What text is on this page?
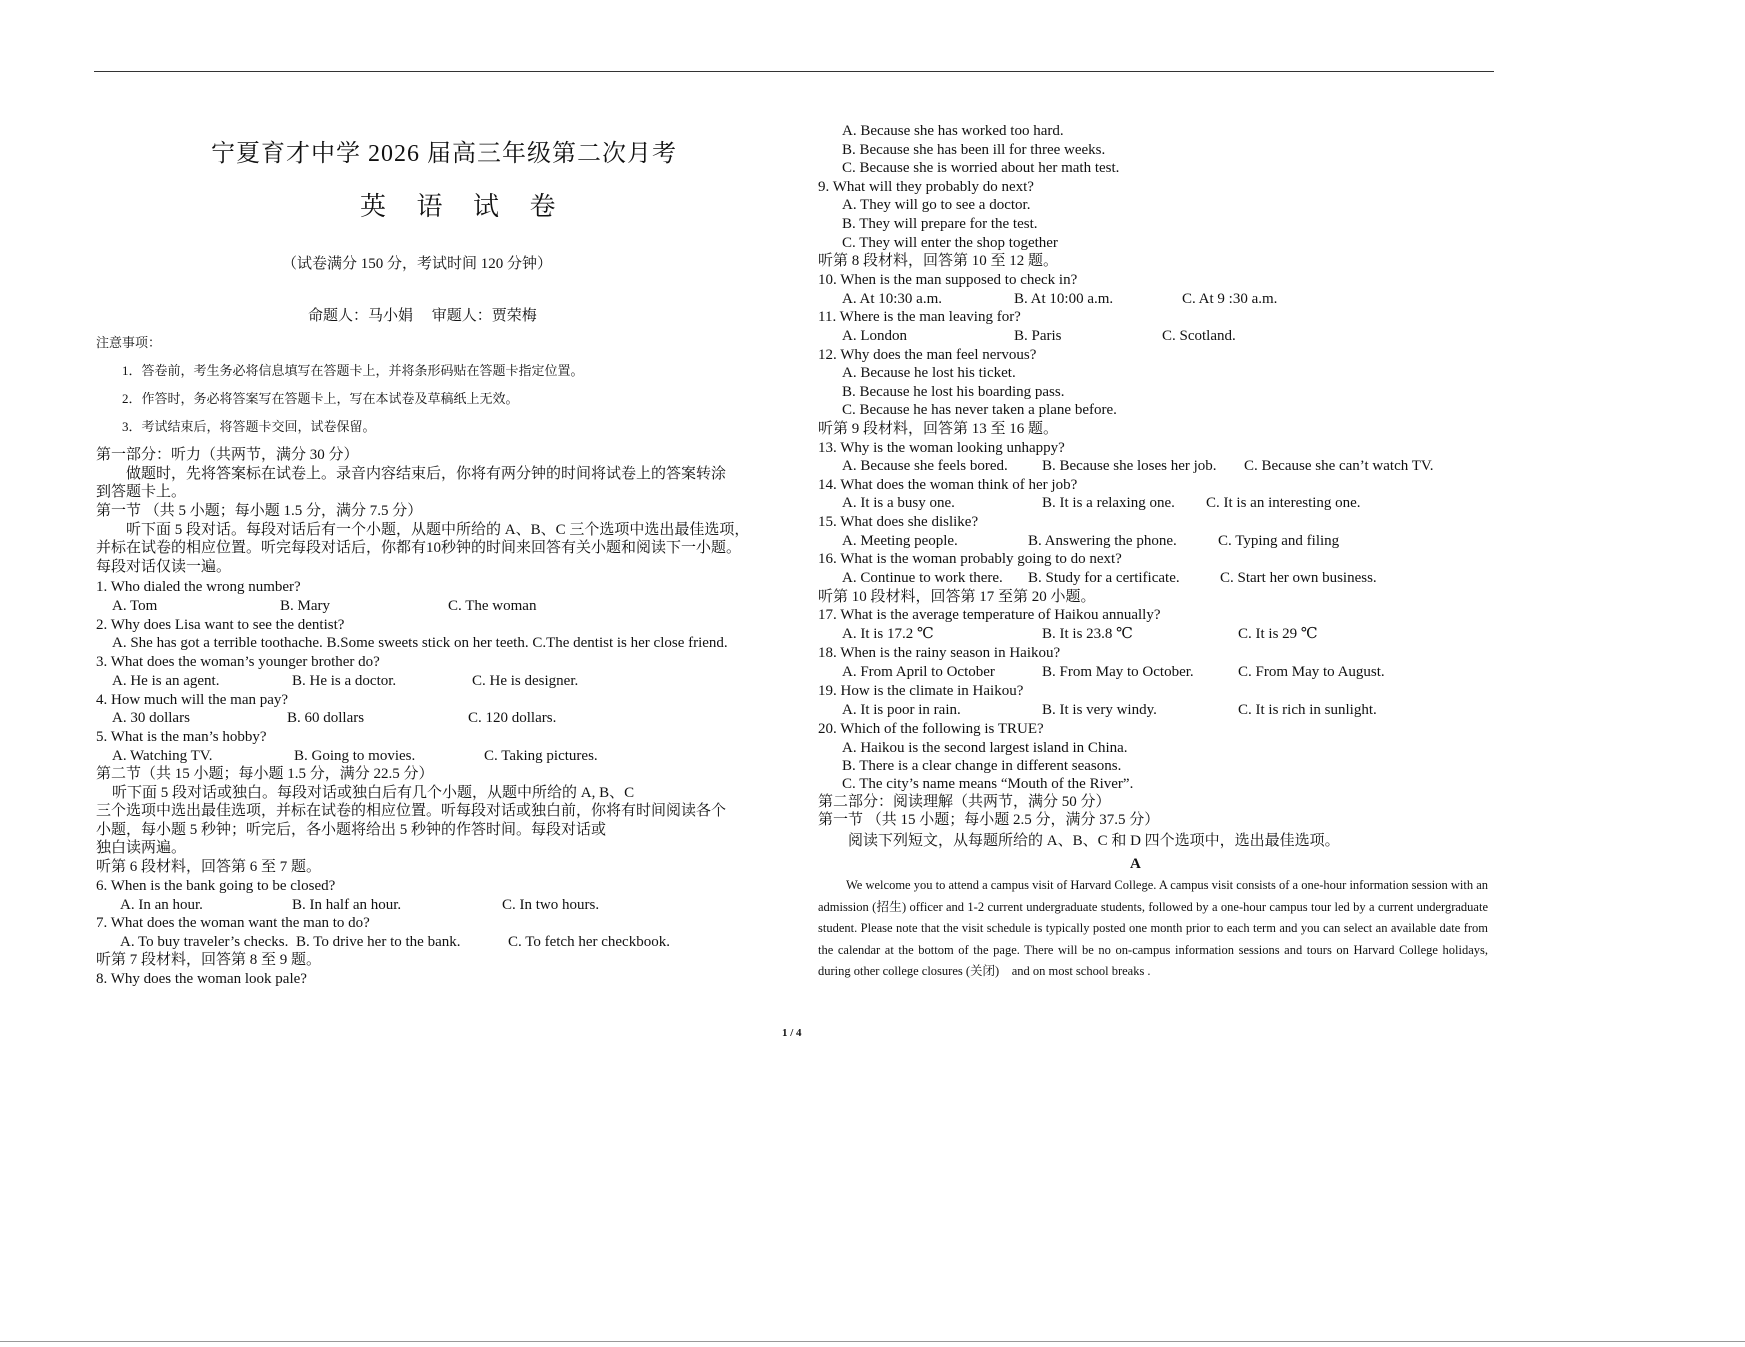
宁夏育才中学 2026 届高三年级第二次月考
英 语 试 卷
（试卷满分 150 分，考试时间 120 分钟）
命题人：马小娟　 审题人：贾荣梅
注意事项：
1．答卷前，考生务必将信息填写在答题卡上，并将条形码贴在答题卡指定位置。
2．作答时，务必将答案写在答题卡上，写在本试卷及草稿纸上无效。
3．考试结束后，将答题卡交回，试卷保留。
第一部分：听力（共两节，满分 30 分）
做题时，先将答案标在试卷上。录音内容结束后，你将有两分钟的时间将试卷上的答案转涂
到答题卡上。
第一节 （共 5 小题；每小题 1.5 分，满分 7.5 分）
听下面 5 段对话。每段对话后有一个小题，从题中所给的 A、B、C 三个选项中选出最佳选项，
并标在试卷的相应位置。听完每段对话后，你都有10秒钟的时间来回答有关小题和阅读下一小题。
每段对话仅读一遍。
1. Who dialed the wrong number?
A. Tom	B. Mary	C. The woman
2. Why does Lisa want to see the dentist?
A. She has got a terrible toothache. B.Some sweets stick on her teeth. C.The dentist is her close friend.
3. What does the woman’s younger brother do?
A. He is an agent.	B. He is a doctor.	C. He is designer.
4. How much will the man pay?
A. 30 dollars	B. 60 dollars	C. 120 dollars.
5. What is the man’s hobby?
A. Watching TV.	B. Going to movies.	C. Taking pictures.
第二节（共 15 小题；每小题 1.5 分，满分 22.5 分）
听下面 5 段对话或独白。每段对话或独白后有几个小题，从题中所给的 A, B、C
三个选项中选出最佳选项，并标在试卷的相应位置。听每段对话或独白前，你将有时间阅读各个
小题，每小题 5 秒钟；听完后，各小题将给出 5 秒钟的作答时间。每段对话或
独白读两遍。
听第 6 段材料，回答第 6 至 7 题。
6. When is the bank going to be closed?
A. In an hour.	B. In half an hour.	C. In two hours.
7. What does the woman want the man to do?
A. To buy traveler’s checks. B. To drive her to the bank.	C. To fetch her checkbook.
听第 7 段材料，回答第 8 至 9 题。
8. Why does the woman look pale?
A. Because she has worked too hard.
B. Because she has been ill for three weeks.
C. Because she is worried about her math test.
9. What will they probably do next?
A. They will go to see a doctor.
B. They will prepare for the test.
C. They will enter the shop together
听第 8 段材料，回答第 10 至 12 题。
10. When is the man supposed to check in?
A. At 10:30 a.m.	B. At 10:00 a.m.	C. At 9 :30 a.m.
11. Where is the man leaving for?
A. London	B. Paris	C. Scotland.
12. Why does the man feel nervous?
A. Because he lost his ticket.
B. Because he lost his boarding pass.
C. Because he has never taken a plane before.
听第 9 段材料，回答第 13 至 16 题。
13. Why is the woman looking unhappy?
A. Because she feels bored. B. Because she loses her job. C. Because she can’t watch TV.
14. What does the woman think of her job?
A. It is a busy one.	B. It is a relaxing one. C. It is an interesting one.
15. What does she dislike?
A. Meeting people.	B. Answering the phone.	C. Typing and filing
16. What is the woman probably going to do next?
A. Continue to work there. B. Study for a certificate.	C. Start her own business.
听第 10 段材料，回答第 17 至第 20 小题。
17. What is the average temperature of Haikou annually?
A. It is 17.2 ℃	B. It is 23.8 ℃	C. It is 29 ℃
18. When is the rainy season in Haikou?
A. From April to October	B. From May to October.	C. From May to August.
19. How is the climate in Haikou?
A. It is poor in rain.	B. It is very windy.	C. It is rich in sunlight.
20. Which of the following is TRUE?
A. Haikou is the second largest island in China.
B. There is a clear change in different seasons.
C. The city’s name means “Mouth of the River”.
第二部分：阅读理解（共两节，满分 50 分）
第一节 （共 15 小题；每小题 2.5 分，满分 37.5 分）
阅读下列短文，从每题所给的 A、B、C 和 D 四个选项中，选出最佳选项。
A
We welcome you to attend a campus visit of Harvard College. A campus visit consists of a one-hour information session with an admission (招生) officer and 1-2 current undergraduate students, followed by a one-hour campus tour led by a current undergraduate student. Please note that the visit schedule is typically posted one month prior to each term and you can select an available date from the calendar at the bottom of the page. There will be no on-campus information sessions and tours on Harvard College holidays, during other college closures (关闭)　and on most school breaks .
1 / 4
